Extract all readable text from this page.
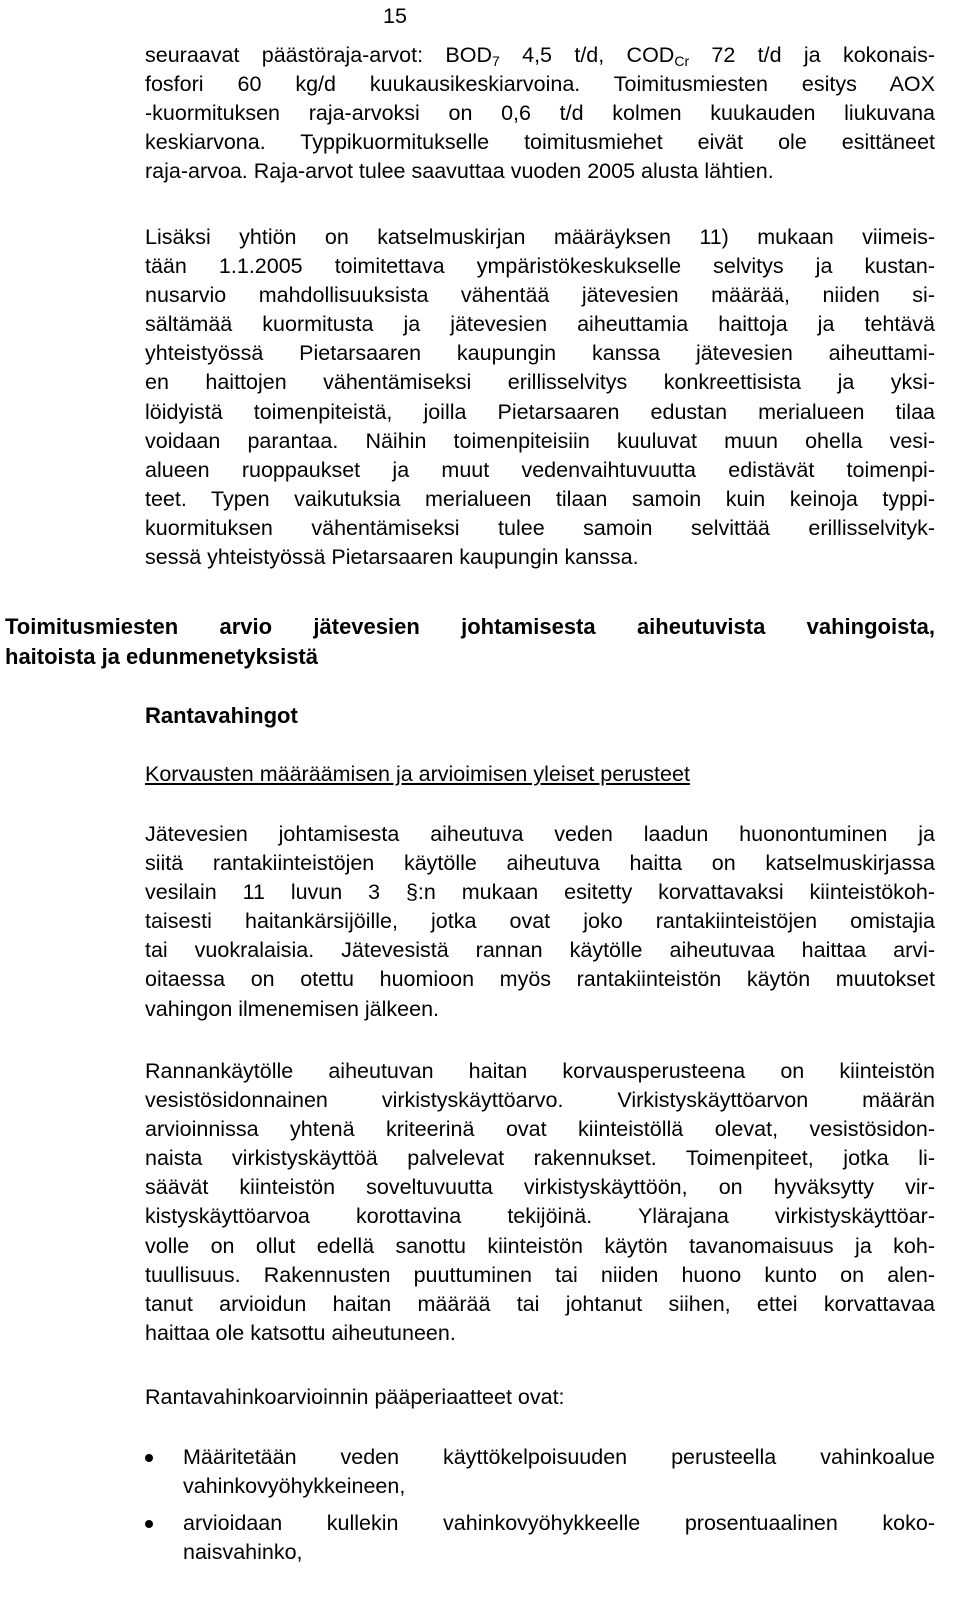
15
seuraavat päästöraja-arvot: $BOD_7$ 4,5 t/d, $COD_{Cr}$ 72 t/d ja kokonais-
fosfori 60 kg/d kuukausikeskiarvoina. Toimitusmiesten esitys AOX
-kuormituksen raja-arvoksi on 0,6 t/d kolmen kuukauden liukuvana
keskiarvona. Typpikuormitukselle toimitusmiehet eivät ole esittäneet
raja-arvoa. Raja-arvot tulee saavuttaa vuoden 2005 alusta lähtien.
Lisäksi yhtiön on katselmuskirjan määräyksen 11) mukaan viimeis-
tään 1.1.2005 toimitettava ympäristökeskukselle selvitys ja kustan-
nusarvio mahdollisuuksista vähentää jätevesien määrää, niiden si-
sältämää kuormitusta ja jätevesien aiheuttamia haittoja ja tehtävä
yhteistyössä Pietarsaaren kaupungin kanssa jätevesien aiheuttami-
en haittojen vähentämiseksi erillisselvitys konkreettisista ja yksi-
löidyistä toimenpiteistä, joilla Pietarsaaren edustan merialueen tilaa
voidaan parantaa. Näihin toimenpiteisiin kuuluvat muun ohella vesi-
alueen ruoppaukset ja muut vedenvaihtuvuutta edistävät toimenpi-
teet. Typen vaikutuksia merialueen tilaan samoin kuin keinoja typpi-
kuormituksen vähentämiseksi tulee samoin selvittää erillisselvityk-
sessä yhteistyössä Pietarsaaren kaupungin kanssa.
Toimitusmiesten arvio jätevesien johtamisesta aiheutuvista vahingoista,
haitoista ja edunmenetyksistä
Rantavahingot
Korvausten määräämisen ja arvioimisen yleiset perusteet
Jätevesien johtamisesta aiheutuva veden laadun huonontuminen ja
siitä rantakiinteistöjen käytölle aiheutuva haitta on katselmuskirjassa
vesilain 11 luvun 3 §:n mukaan esitetty korvattavaksi kiinteistökoh-
taisesti haitankärsijöille, jotka ovat joko rantakiinteistöjen omistajia
tai vuokralaisia. Jätevesistä rannan käytölle aiheutuvaa haittaa arvi-
oitaessa on otettu huomioon myös rantakiinteistön käytön muutokset
vahingon ilmenemisen jälkeen.
Rannankäytölle aiheutuvan haitan korvausperusteena on kiinteistön
vesistösidonnainen virkistyskäyttöarvo. Virkistyskäyttöarvon määrän
arvioinnissa yhtenä kriteerinä ovat kiinteistöllä olevat, vesistösidon-
naista virkistyskäyttöä palvelevat rakennukset. Toimenpiteet, jotka li-
säävät kiinteistön soveltuvuutta virkistyskäyttöön, on hyväksytty vir-
kistyskäyttöarvoa korottavina tekijöinä. Ylärajana virkistyskäyttöar-
volle on ollut edellä sanottu kiinteistön käytön tavanomaisuus ja koh-
tuullisuus. Rakennusten puuttuminen tai niiden huono kunto on alen-
tanut arvioidun haitan määrää tai johtanut siihen, ettei korvattavaa
haittaa ole katsottu aiheutuneen.
Rantavahinkoarvioinnin pääperiaatteet ovat:
Määritetään veden käyttökelpoisuuden perusteella vahinkoalue
vahinkovyöhykkeineen,
arvioidaan kullekin vahinkovyöhykkeelle prosentuaalinen koko-
naisvahinko,
